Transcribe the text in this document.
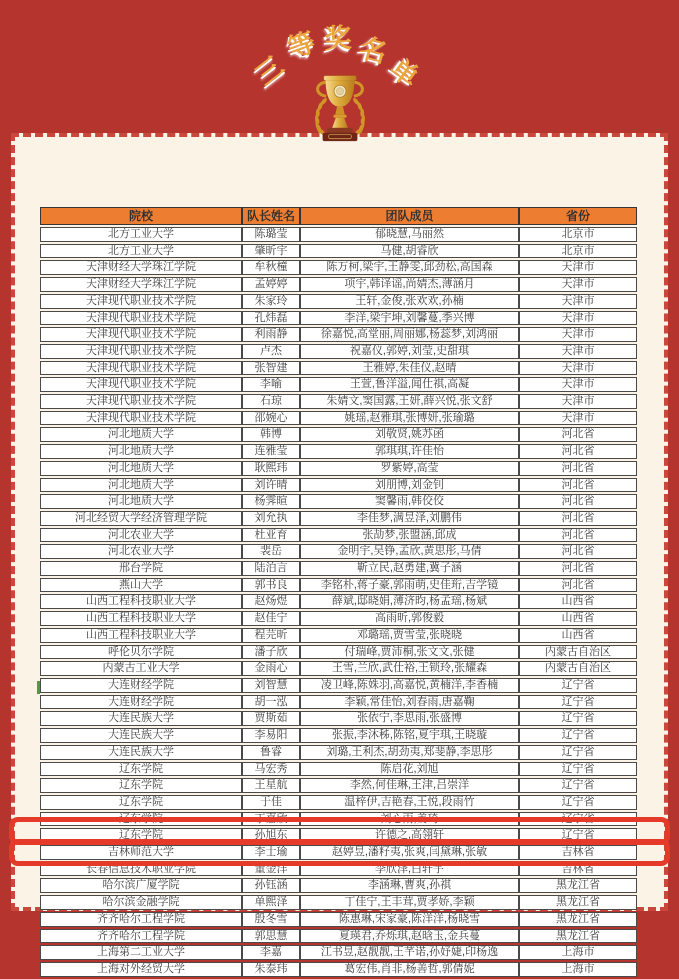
三
等 奖 名
单
院校	队长姓名	团队成员	省份
北方工业大学	陈璐莹	郁晓慧,马丽然	北京市
北方工业大学	肇昕宇	马健,胡睿欣	北京市
天津财经大学珠江学院	牟秋橦	陈万柯,梁宇,王静雯,邱劲松,高国森	天津市
天津财经大学珠江学院	孟婷婷	项宇,韩译谣,尚婧杰,薄涵月	天津市
天津现代职业技术学院	朱家玲	王轩,金俊,张欢欢,孙楠	天津市
天津现代职业技术学院	孔炜磊	李洋,梁宇坤,刘馨蔓,季兴博	天津市
天津现代职业技术学院	利雨静	徐嘉悦,高堂丽,周丽娜,杨蕊梦,刘鸿丽	天津市
天津现代职业技术学院	卢杰	祝嘉仪,郭婷,刘莹,史甜琪	天津市
天津现代职业技术学院	张智建	王雅婷,朱佳仪,赵晴	天津市
天津现代职业技术学院	李喻	王萱,鲁洋溢,闻仕祺,高凝	天津市
天津现代职业技术学院	石琼	朱婧文,窦国露,王妍,薛兴悦,张文舒	天津市
天津现代职业技术学院	邵婉心	姚瑶,赵雅琪,张博妍,张瑜璐	天津市
河北地质大学	韩博	刘敬贤,姚苏函	河北省
河北地质大学	连雅莹	郭琪琪,许佳怡	河北省
河北地质大学	耿熙玮	罗紫婷,高莹	河北省
河北地质大学	刘许晴	刘朋博,刘金钊	河北省
河北地质大学	杨霁暄	窦馨雨,韩佼佼	河北省
河北经贸大学经济管理学院	刘允执	李佳梦,满昱泽,刘鹏伟	河北省
河北农业大学	杜亚育	张劼梦,张盟涵,邱成	河北省
河北农业大学	裴岳	金明宇,吴铮,孟欣,黄思彤,马倩	河北省
邢台学院	陆泊言	靳立民,赵勇建,冀子涵	河北省
燕山大学	郭书良	李铭朴,蒋子豪,郭雨萌,史佳珩,吉学镜	河北省
山西工程科技职业大学	赵炀煜	薛斌,邸晓娟,薄济昀,杨孟瑶,杨斌	山西省
山西工程科技职业大学	赵佳宁	高雨昕,郭俊毅	山西省
山西工程科技职业大学	程芫昕	邓璐瑶,贾雪莹,张晓晓	山西省
呼伦贝尔学院	潘子欣	付瑞峰,贾沛桐,张文文,张健	内蒙古自治区
内蒙古工业大学	金雨心	王雪,兰欣,武仕裕,王锁玲,张耀森	内蒙古自治区
大连财经学院	刘智慧	凌卫峰,陈姝羽,高嘉悦,黄楠洋,李香楠	辽宁省
大连财经学院	胡一泓	李颖,常佳怡,刘春雨,唐嘉鞠	辽宁省
大连民族大学	贾斯茹	张依宁,李思雨,张盛博	辽宁省
大连民族大学	李易阳	张振,李沐秭,陈铭,夏宇琪,王晓璇	辽宁省
大连民族大学	鲁睿	刘璐,王利杰,胡劲夷,郑斐静,李思彤	辽宁省
辽东学院	马宏秀	陈启花,刘旭	辽宁省
辽东学院	王星航	李然,何佳琳,王津,吕崇洋	辽宁省
辽东学院	于佳	温梓伊,吉艳春,王悦,段雨竹	辽宁省
辽东学院	丁嘉欣	刘心雨,姜琦	辽宁省
辽东学院	孙旭东	许德之,高翎轩	辽宁省
吉林师范大学	李士瑜	赵婷昱,潘籽夷,张爽,闫黛琳,张敏	吉林省
长春信息技术职业学院	董金洋	李欣泽,白轩宇	吉林省
哈尔滨广厦学院	孙钰涵	李涵琳,曹爽,孙祺	黑龙江省
哈尔滨金融学院	单熙泽	丁佳宁,王丰茸,贾孝娇,李颖	黑龙江省
齐齐哈尔工程学院	殷冬雪	陈惠琳,宋家豪,陈洋洋,杨晓雪	黑龙江省
齐齐哈尔工程学院	郭思慧	夏瑛君,乔烁琪,赵晗玉,金兵蔓	黑龙江省
上海第二工业大学	李嘉	江书昱,赵靓靓,王芊诺,孙妤婕,印杨逸	上海市
上海对外经贸大学	朱泰玮	葛宏伟,肖非,杨善哲,郭倩妮	上海市
